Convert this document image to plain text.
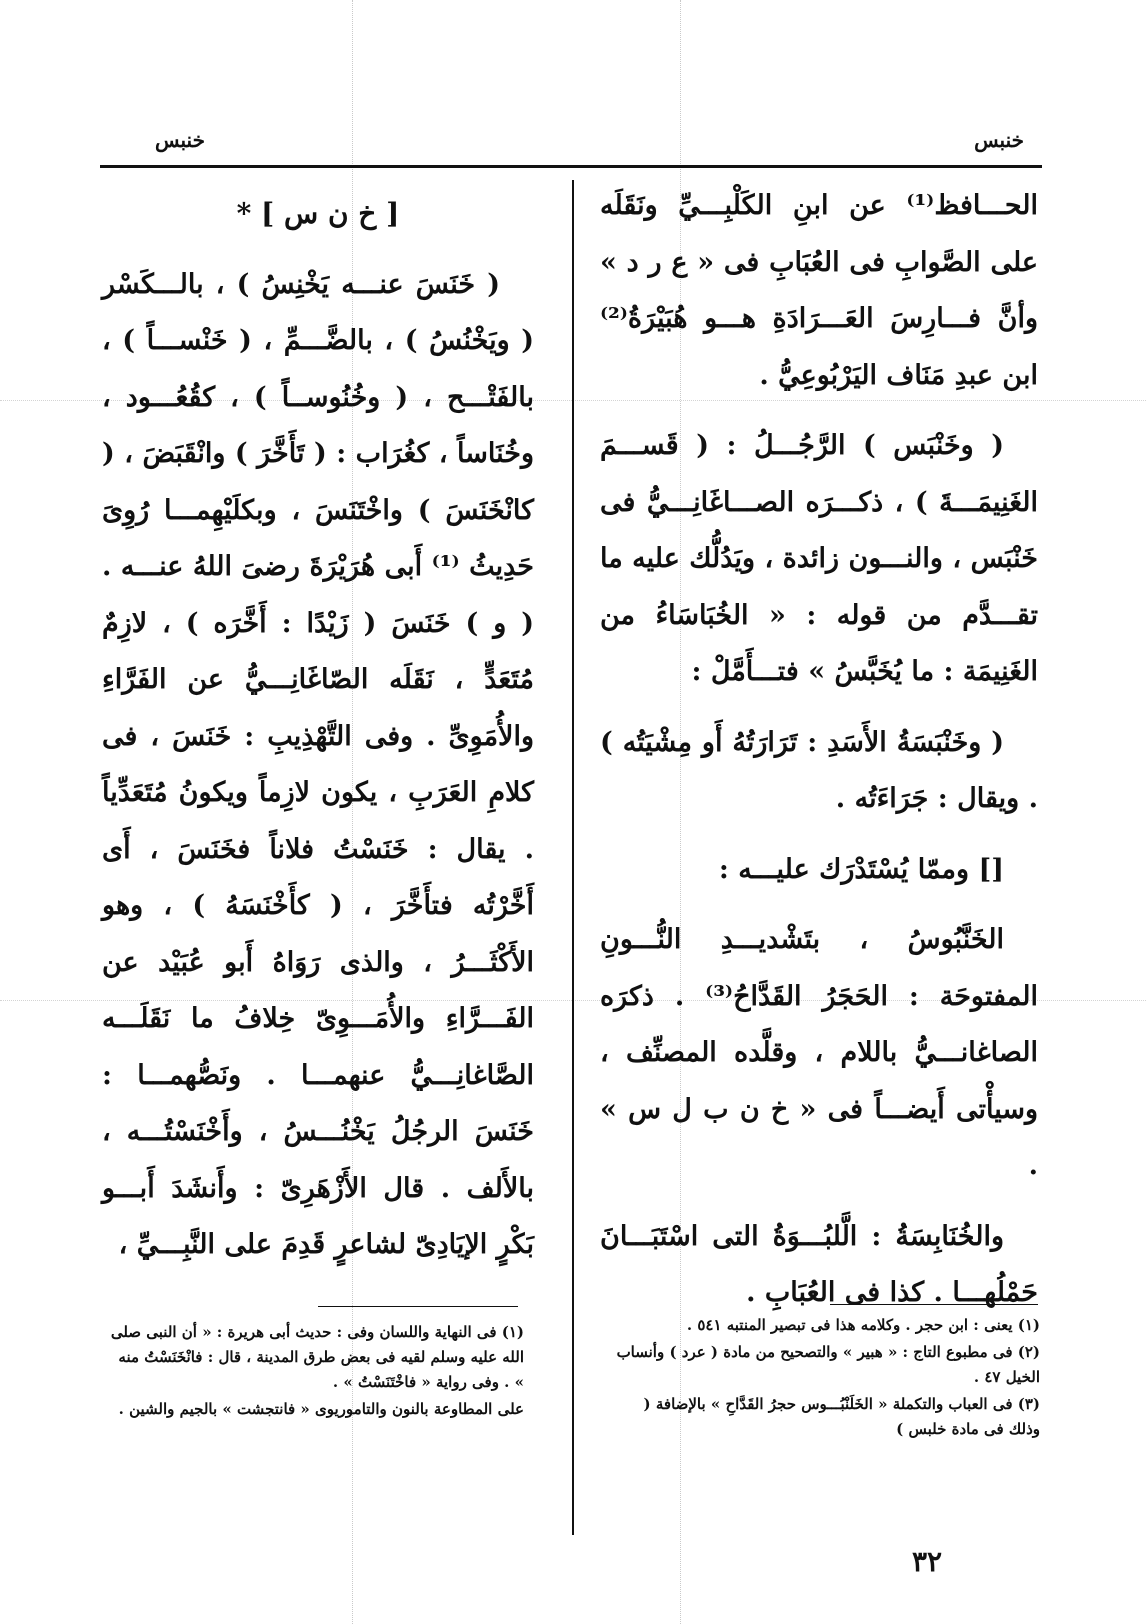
خنبس
خنبس

الحـــافظ⁽¹⁾ عن ابنِ الكَلْبِـــيِّ ونَقَلَه على الصَّوابِ فى العُبَابِ فى « ع ر د » وأنَّ فـــارِسَ العَـــرَادَةِ هـــو هُبَيْرَةُ⁽²⁾ ابن عبدِ مَنَاف اليَرْبُوعِيُّ .

( وخَنْبَس ) الرَّجُـــلُ : ( قَســـمَ الغَنِيمَـــةَ ) ، ذكـــرَه الصـــاغَانِـــيُّ فى خَنْبَس ، والنـــون زائدة ، ويَدُلُّك عليه ما تقـــدَّم من قوله : « الخُبَاسَاءُ من الغَنِيمَة : ما يُخَبَّسُ » فتـــأَمَّلْ :

( وخَنْبَسَةُ الأَسَدِ : تَرَارَتُهُ أَو مِشْيَتُه ) . ويقال : جَرَاءَتُه .

[] وممّا يُسْتَدْرَك عليـــه :

الخَنَّبُوسُ ، بتَشْديـــدِ النُّـــونِ المفتوحَة : الحَجَرُ القَدَّاحُ⁽³⁾ . ذكرَه الصاغانـــيُّ باللام ، وقلَّده المصنِّف ، وسيأْتى أَيضـــاً فى « خ ن ب ل س » .

والخُنَابِسَةُ : الَّلبُـــوَةُ التى اسْتَبَـــانَ حَمْلُهـــا . كذا فى العُبَابِ .

[ خ ن س ] *

( خَنَسَ عنـــه يَخْنِسُ ) ، بالـــكَسْر ( ويَخْنُسُ ) ، بالضَّـــمِّ ، ( خَنْســـاً ) ، بالفَتْـــح ، ( وخُنُوســاً ) ، كقُعُـــود ، وخُنَاساً ، كغُرَاب : ( تَأَخَّرَ ) وانْقَبَضَ ، ( كانْخَنَسَ ) واخْتَنَسَ ، وبكلَيْهِمـــا رُوِىَ حَدِيثُ ⁽¹⁾ أَبى هُرَيْرَةَ رضىَ اللهُ عنـــه . ( و ) خَنَسَ ( زَيْدًا : أَخَّرَه ) ، لازِمٌ مُتَعَدٍّ ، نَقَلَه الصّاغَانِـــيُّ عن الفَرَّاءِ والأُمَوِىِّ . وفى التَّهْذِيبِ : خَنَسَ ، فى كلامِ العَرَبِ ، يكون لازِماً ويكونُ مُتَعَدِّياً . يقال : خَنَسْتُ فلاناً فخَنَسَ ، أَى أَخَّرْتُه فتأَخَّرَ ، ( كأَخْنَسَهُ ) ، وهو الأَكْثَـــرُ ، والذى رَوَاهُ أَبو عُبَيْد عن الفَـــرَّاءِ والأُمَـــوِىّ خِلافُ ما نَقَلَـــه الصَّاغانِـــيُّ عنهمـــا . ونَصُّهمـــا : خَنَسَ الرجُلُ يَخْنُـــسُ ، وأَخْنَسْتُـــه ، بالأَلف . قال الأَزْهَرِىّ : وأَنشَدَ أَبـــو بَكْرٍ الإيَادِىّ لشاعرٍ قَدِمَ على النَّبِـــيِّ ،

(١) يعنى : ابن حجر . وكلامه هذا فى تبصير المنتبه ٥٤١ .

(٢) فى مطبوع التاج : « هبير » والتصحيح من مادة ( عرد ) وأنساب الخيل ٤٧ .

(٣) فى العباب والتكملة « الخَلَنْبُـــوس حجرُ القَدَّاحِ » بالإضافة ( وذلك فى مادة خلبس )

(١) فى النهاية واللسان وفى : حديث أبى هريرة : « أن النبى صلى الله عليه وسلم لقيه فى بعض طرق المدينة ، قال : فانْخَنَسْتُ منه » . وفى رواية « فاخْتَنَسْتُ » .

على المطاوعة بالنون والتاموريوى « فانتجشت » بالجيم والشين .

٣٢
